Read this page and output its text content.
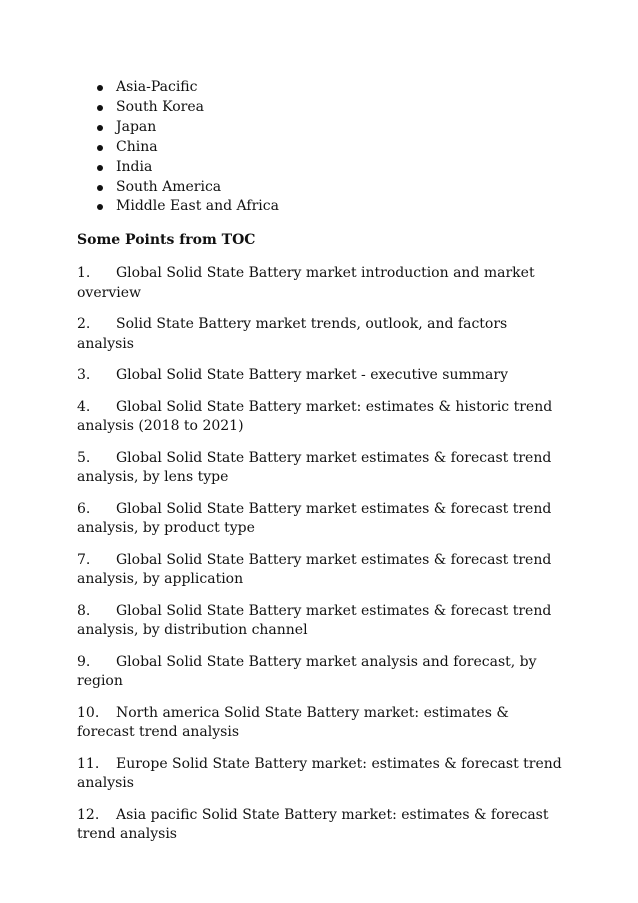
Asia-Pacific
South Korea
Japan
China
India
South America
Middle East and Africa
Some Points from TOC

1. Global Solid State Battery market introduction and market overview

2. Solid State Battery market trends, outlook, and factors analysis

3. Global Solid State Battery market - executive summary

4. Global Solid State Battery market: estimates & historic trend analysis (2018 to 2021)

5. Global Solid State Battery market estimates & forecast trend analysis, by lens type

6. Global Solid State Battery market estimates & forecast trend analysis, by product type

7. Global Solid State Battery market estimates & forecast trend analysis, by application

8. Global Solid State Battery market estimates & forecast trend analysis, by distribution channel

9. Global Solid State Battery market analysis and forecast, by region

10. North america Solid State Battery market: estimates & forecast trend analysis

11. Europe Solid State Battery market: estimates & forecast trend analysis

12. Asia pacific Solid State Battery market: estimates & forecast trend analysis
